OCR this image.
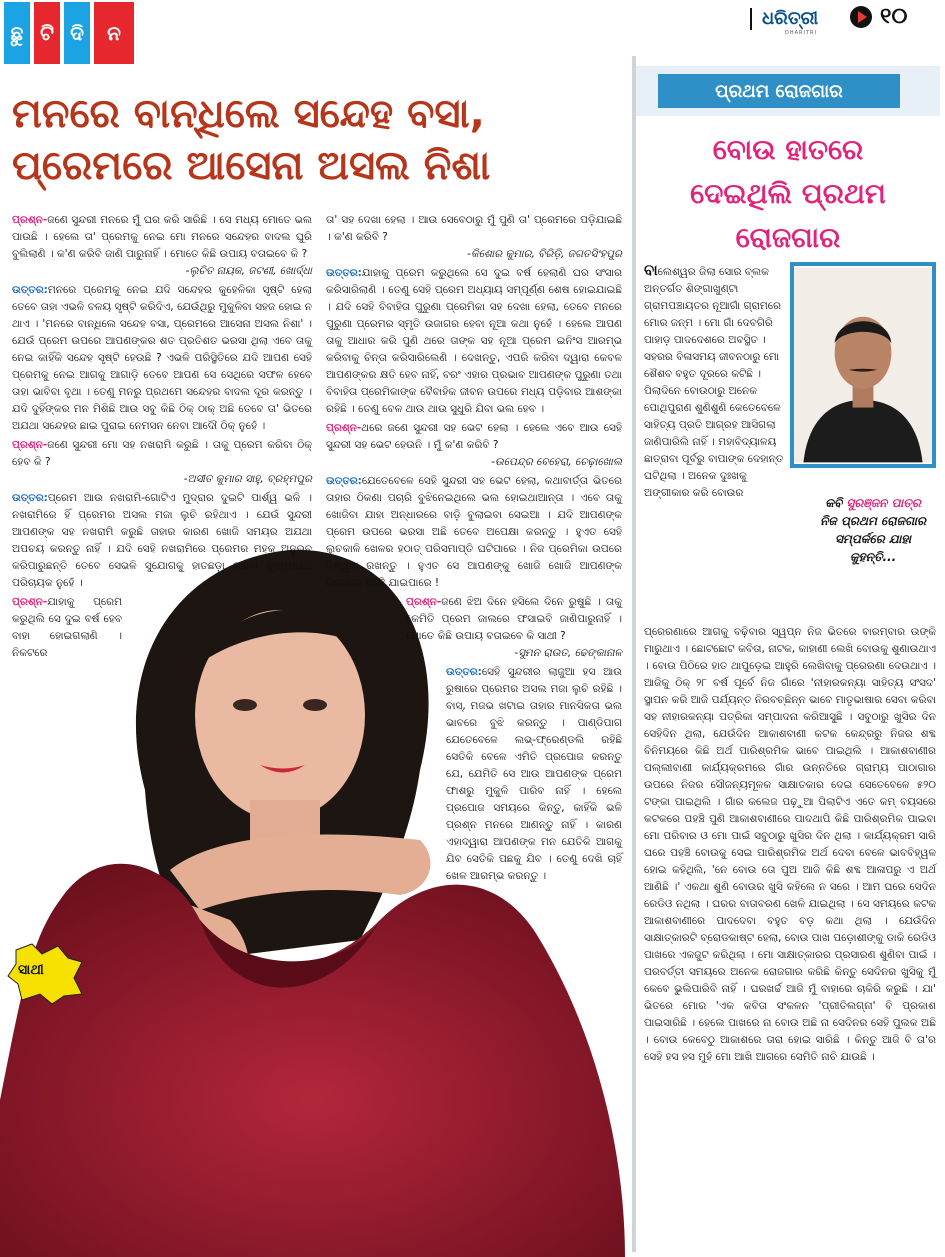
ଛୁ ଟି ଦି	ନ
ଧରିତ୍ରୀ
DHARITRI
୧୦
ମନରେ ବାନ୍ଧିଲେ ସନ୍ଦେହ ବସା,
ପ୍ରେମରେ ଆସେନା ଅସଲ ନିଶା
ସାଥୀ

ପ୍ରଶ୍ନ-ଜଣେ ସୁନ୍ଦରୀ ମନରେ ମୁଁ ଘର କରି ସାରିଛି । ସେ ମଧ୍ୟ ମୋତେ ଭଲ ପାଉଛି । ହେଲେ ତା' ପ୍ରେମକୁ ନେଇ ମୋ ମନରେ ସନ୍ଦେହର ବାଦଲ ଘୁରି ବୁଲିଲାଣି । କ'ଣ କରିବି ଜାଣି ପାରୁନାହିଁ । ମୋତେ କିଛି ଉପାୟ ବତାଇବେ କି ?
-ଲୁଚିତ ନାୟକ, ଜଟଣୀ, ଖୋର୍ଦ୍ଧା

ଉତ୍ତର:ମନରେ ପ୍ରେମକୁ ନେଇ ଯଦି ସନ୍ଦେହର କୁହେଳିକା ସୃଷ୍ଟି ହେଲା ତେବେ ତାହା ଏଭଳି ବଳୟ ସୃଷ୍ଟି କରିଦିଏ, ଯେଉଁଥିରୁ ମୁକୁଳିବା ସହଜ ହୋଇ ନ ଥାଏ । 'ମନରେ ବାନ୍ଧିଲେ ସନ୍ଦେହ ବସା, ପ୍ରେମରେ ଆସେନା ଅସଲ ନିଶା' । ଯେଉଁ ପ୍ରେମ ଉପରେ ଆପଣଙ୍କର ଶତ ପ୍ରତିଶତ ଭରସା ଥିଲା ଏବେ ତାକୁ ନେଇ କାହିଁକି ସନ୍ଦେହ ସୃଷ୍ଟି ହେଉଛି ? ଏଭଳି ପରିସ୍ଥିତିରେ ଯଦି ଆପଣ ସେହି ପ୍ରେମକୁ ନେଇ ଆଗକୁ ଆଗାଡ଼ି ତେବେ ଆପଣ ସେ ସେଥିରେ ସଫଳ ହେବେ ତାହା ଭାବିବା ବୃଥା । ତେଣୁ ମନରୁ ପ୍ରଥମେ ସନ୍ଦେହର ବାଦଲ ଦୂର କରନ୍ତୁ । ଯଦି ଦୁହିଁଙ୍କର ମନ ମିଶିଛି ଆଉ ସବୁ କିଛି ଠିକ୍ ଠାକ୍ ଅଛି ତେବେ ତା' ଭିତରେ ଅଯଥା ସନ୍ଦେହର ଛାଇ ପୁରାଇ ନେମସନ ନେବା ଆଦୌ ଠିକ୍ ନୁହେଁ ।

ପ୍ରଶ୍ନ-ଜଣେ ସୁନ୍ଦରୀ ମୋ ସହ ନଖରାମି କରୁଛି । ତାକୁ ପ୍ରେମ କରିବା ଠିକ୍ ହେବ କି ?
-ଅସୀତ କୁମାର ସାହୁ, ବ୍ରହ୍ମପୁର

ଉତ୍ତର:ପ୍ରେମ ଆଉ ନଖରାମି-ଗୋଟିଏ ମୁଦ୍ରାର ଦୁଇଟି ପାର୍ଶ୍ୱ ଭଳି । ନଖରାମିରେ ହିଁ ପ୍ରେମର ଅସଲ ମଜା ଲୁଚି ରହିଥାଏ । ଯେଉଁ ସୁନ୍ଦରୀ ଆପଣଙ୍କ ସହ ନଖରାମି କରୁଛି ତାହାର କାରଣ ଖୋଜି ସମୟର ଅଯଥା ଅପଚୟ କରନ୍ତୁ ନାହିଁ । ଯଦି ସେହି ନଖରାମିରେ ପ୍ରେମର ମହକ ଅନୁଭବ କରିପାରୁଛନ୍ତି ତେବେ ସେଭଳି ସୁଯୋଗକୁ ହାତଛଡ଼ା କରିବା ବୁଦ୍ଧିମତାର ପରିଚାୟକ ନୁହେଁ ।

ପ୍ରଶ୍ନ-ଯାହାକୁ ପ୍ରେମ କରୁଥିଲି ସେ ଦୁଇ ବର୍ଷ ହେବ ବାହା ହୋଇଗଲାଣି । ନିକଟରେ

ତା' ସହ ଦେଖା ହେଲା । ଆଉ ସେବେଠାରୁ ମୁଁ ପୁଣି ତା' ପ୍ରେମରେ ପଡ଼ିଯାଇଛି । କ'ଣ କରିବି ?
-କିଶୋର କୁମାର, ବିରିଡ଼ି, ଜଗତସିଂହପୁର

ଉତ୍ତର:ଯାହାକୁ ପ୍ରେମ କରୁଥିଲେ ସେ ଦୁଇ ବର୍ଷ ହେଲାଣି ଘର ସଂସାର କରିସାରିଲାଣି । ତେଣୁ ସେହି ପ୍ରେମ ଅଧ୍ୟାୟ ସମ୍ପୂର୍ଣ୍ଣ ଶେଷ ହୋଇଯାଇଛି । ଯଦି ସେହି ବିବାହିତା ପୁରୁଣା ପ୍ରେମିକା ସହ ଦେଖା ହେଲା, ତେବେ ମନରେ ପୁରୁଣା ପ୍ରେମର ସ୍ମୃତି ଉଜାଗର ହେବା ନୂଆ କଥା ନୁହେଁ । ହେଲେ ଆପଣ ତାକୁ ଆଧାର କରି ପୁଣି ଥରେ ତାଙ୍କ ସହ ନୂଆ ପ୍ରେମ ଇନିଂସ ଆରମ୍ଭ କରିବାକୁ ଚିନ୍ତା କରିସାରିଲେଣି । ଦେଖନ୍ତୁ, ଏପରି କରିବା ଦ୍ୱାରା କେବଳ ଆପଣଙ୍କର କ୍ଷତି ହେବ ନାହିଁ, ବରଂ ଏହାର ପ୍ରଭାବ ଆପଣଙ୍କ ପୁରୁଣା ତଥା ବିବାହିତା ପ୍ରେମିକାଙ୍କ ବୈବାହିକ ଜୀବନ ଉପରେ ମଧ୍ୟ ପଡ଼ିବାର ଆଶଙ୍କା ରହିଛି । ତେଣୁ ବେଳ ଥାଉ ଥାଉ ସୁଧୁରି ଯିବା ଭଲ ହେବ ।

ପ୍ରଶ୍ନ-ଥରେ ଜଣେ ସୁନ୍ଦରୀ ସହ ଭେଟ ହେଲା । ହେଲେ ଏବେ ଆଉ ସେହି ସୁନ୍ଦରୀ ସହ ଭେଟ ହେଉନି । ମୁଁ କ'ଣ କରିବି ?
-ଉପେନ୍ଦ୍ର ବେହେରା, ଚେଢ଼ାଖୋଲ

ଉତ୍ତର:ଯେତେବେଳେ ସେହି ସୁନ୍ଦରୀ ସହ ଭେଟ ହେଲା, କଥାବାର୍ତ୍ତା ଭିତରେ ତାହାର ଠିକଣା ପଚାରି ବୁଝିନେଇଥିଲେ ଭଲ ହୋଇଥାଆନ୍ତା । ଏବେ ତାକୁ ଖୋଜିବା ଯାହା ଅନ୍ଧାରରେ ବାଡ଼ି ବୁଲାଇବା ସେଇଆ । ଯଦି ଆପଣଙ୍କ ପ୍ରେମ ଉପରେ ଭରସା ଅଛି ତେବେ ଅପେକ୍ଷା କରନ୍ତୁ । ହୁଏତ ସେହି ଲୁଚକାଳି ଖେଳର ହଠାତ୍ ପରିସମାପ୍ତି ଘଟିପାରେ । ନିଜ ପ୍ରେମିକା ଉପରେ ବିଶ୍ୱାସ ରଖନ୍ତୁ । ହୁଏତ ସେ ଆପଣଙ୍କୁ ଖୋଜି ଖୋଜି ଆପଣଙ୍କ ନିକଟରେ ପହଞ୍ଚି ଯାଇପାରେ !

ପ୍ରଶ୍ନ-ଜଣେ ଝିଅ ଦିନେ ହସିଲେ ଦିନେ ରୁଷୁଛି । ତାକୁ କେମିତି ପ୍ରେମ ଜାଲରେ ଫସାଇବି ଜାଣିପାରୁନାହିଁ । ମୋତେ କିଛି ଉପାୟ ବତାଇବେ କି ସାଥୀ ?
-ସୁମନ ରାଉତ, ଢେଙ୍କାନାଳ

ଉତ୍ତର:ସେହି ସୁନ୍ଦରୀର ଲାଜୁଆ ହସ ଆଉ ରୁଷାରେ ପ୍ରେମର ଅସଲ ମଜା ଲୁଚି ରହିଛି । ବାସ୍, ମଜଭ ଖଟାଇ ତାହାର ମାନସିକତା ଭଲ ଭାବରେ ବୁଝି କରନ୍ତୁ । ପାଣ୍ଡିପାଗ ଯେତେବେଳେ ଲଭ୍-ଫ୍ରେଣ୍ଡଲି ରହିଛି ସେତିକି ବେଳେ ଏମିତି ପ୍ରପୋଜ କରନ୍ତୁ ଯେ, ଯେମିତି ସେ ଆଉ ଆପଣଙ୍କ ପ୍ରେମ ଫାଶରୁ ମୁକୁଳି ପାରିବ ନାହିଁ । ହେଲେ ପ୍ରପୋଜ ସମୟରେ କିନ୍ତୁ, କାହିଁକି ଭଳି ପ୍ରଶ୍ନ ମନରେ ଆଣନ୍ତୁ ନାହିଁ । କାରଣ ଏହାଦ୍ୱାରା ଆପଣଙ୍କ ମନ ଯେତିକି ଆଗକୁ ଯିବ ସେତିକି ପଛକୁ ଯିବ । ତେଣୁ ଦେଖି ଚାହିଁ ଖେଳ ଆରମ୍ଭ କରନ୍ତୁ ।

ପ୍ରଥମ ରୋଜଗାର
ବୋଉ ହାତରେ
ଦେଇଥିଲି ପ୍ରଥମ
ରୋଜଗାର

ବାଲେଶ୍ୱର ଜିଲା ସୋର ବ୍ଲକ ଅନ୍ତର୍ଗତ ଶିଙ୍ଗାଖୁଣ୍ଟା ଗ୍ରାମପଞ୍ଚାୟତର ନୂଆଗାଁ ଗ୍ରାମରେ ମୋର ଜନ୍ମ । ମୋ ଗାଁ ଦେବଗିରି ପାହାଡ଼ ପାଦଦେଶରେ ଅବସ୍ଥିତ । ସହରର ବିଳାସମୟ ଜୀବନଠାରୁ ମୋ ଶୈଶବ ବହୁତ ଦୂରରେ କଟିଛି । ପିଲାଦିନେ ବୋଉଠାରୁ ଅନେକ ପୋଥିପୁରାଣ ଶୁଣିଶୁଣି କେତେବେଳେ ସାହିତ୍ୟ ପ୍ରତି ଆଗ୍ରହ ଆସିଗଲା ଜାଣିପାରିଲି ନାହିଁ । ମହାବିଦ୍ୟାଳୟ ଛାତ୍ରାବା ପୂର୍ବରୁ ବାପାଙ୍କ ଦେହାନ୍ତ ଘଟିଥିଲା । ଅନେକ ଦୁଃଖକୁ ଅଙ୍ଗୀକାର କରି ବୋଉର

କବି ସୁରଞ୍ଜନ ପାତ୍ର
ନିଜ ପ୍ରଥମ ରୋଜଗାର
ସମ୍ପର୍କରେ ଯାହା
କୁହନ୍ତି...

ପ୍ରେରଣାରେ ଆଗକୁ ବଢ଼ିବାର ସ୍ୱପ୍ନ ନିଜ ଭିତରେ ବାରମ୍ବାର ଉଙ୍କି ମାରୁଥାଏ । ଛୋଟଛୋଟ କବିତା, ନାଟକ, କାହାଣୀ ଲେଖି ବୋଉକୁ ଶୁଣାଉଥାଏ । ବୋଉ ପିଠିରେ ହାତ ଥାପୁଡ଼େଇ ଆହୁରି ଲେଖିବାକୁ ପ୍ରେରଣା ଦେଉଥାଏ । ଆଜିକୁ ଠିକ୍ ୨୮ ବର୍ଷ ପୂର୍ବେ ନିଜ ଗାଁରେ 'ନୀହାରକନ୍ୟା ସାହିତ୍ୟ ସଂସଦ' ସ୍ଥାପନ କରି ଆଜି ପର୍ଯ୍ୟନ୍ତ ନିରବଚ୍ଛିନ୍ନ ଭାବେ ମାତୃଭାଷାର ସେବା କରିବା ସହ ନୀହାରକନ୍ୟା ପତ୍ରିକା ସମ୍ପାଦନା କରିଆସୁଛି । ସବୁଠାରୁ ଖୁସିର ଦିନ ସେହିଦିନ ଥିଲା, ଯେଉଁଦିନ ଆକାଶବାଣୀ କଟକ କେନ୍ଦ୍ରରୁ ନିଜର ଶବ୍ଦ ବିନିମୟରେ କିଛି ଅର୍ଥ ପାରିଶ୍ରମିକ ଭାବେ ପାଇଥିଲି । ଆକାଶବାଣୀର ପଲ୍ଲୀବାଣୀ କାର୍ଯ୍ୟକ୍ରମରେ ଗାଁର ଉନ୍ନତିରେ ଗ୍ରାମ୍ୟ ପାଠାଗାର ଉପରେ ନିଜର ସୌଜନ୍ୟମୂଳକ ସାକ୍ଷାତକାର ଦେଇ ସେତେବେଳେ ୫୨୦ ଟଙ୍କା ପାଇଥିଲି । ଗାଁର କଲେଜ ପଢ଼ୁଆ ପିଲାଟିଏ ଏତେ କମ୍ ବୟସରେ କଟକରେ ପହଞ୍ଚି ପୁଣି ଆକାଶବାଣୀରେ ପାଦଥାପି କିଛି ପାରିଶ୍ରମିକ ପାଇବା ମୋ ପରିବାର ଓ ମୋ ପାଇଁ ସବୁଠାରୁ ଖୁସିର ଦିନ ଥିଲା । କାର୍ଯ୍ୟକ୍ରମ ସାରି ଘରେ ପହଞ୍ଚି ବୋଉକୁ ସେଇ ପାରିଶ୍ରମିକ ଅର୍ଥ ଦେବା ବେଳେ ଭାବବିହ୍ୱଳ ହୋଇ କହିଥିଲି, 'ନେ ବୋଉ ତୋ ପୁଅ ଆଜି କିଛି ଶବ୍ଦ ଆଳାପରୁ ଏ ଅର୍ଥ ଆଣିଛି ।' ଏକଥା ଶୁଣି ବୋଉର ଖୁସି କହିଲେ ନ ସରେ । ଆମ ଘରେ ସେଦିନ ରେଡିଓ ନଥିଲା । ଘରର ବାତାବରଣ ଖେଳି ଯାଇଥିଲା । ସେ ସମୟରେ କଟକ ଆକାଶବାଣୀରେ ପାଦଦେବା ବହୁତ ବଡ଼ କଥା ଥିଲା । ଯେଉଁଦିନ ସାକ୍ଷାତ୍କାରଟି ବ୍ରୋଡକାଷ୍ଟ ହେଲା, ବୋଉ ପାଖ ପଡ଼ୋଶୀଙ୍କୁ ଡାକି ରେଡିଓ ପାଖରେ ଏକଜୁଟ କରିଥିଲା । ମୋ ସାକ୍ଷାତ୍କାରର ପ୍ରସାରଣ ଶୁଣିବା ପାଇଁ । ପରବର୍ତ୍ତୀ ସମୟରେ ଅନେକ ରୋଜଗାର କରିଛି କିନ୍ତୁ ସେଦିନର ଖୁସିକୁ ମୁଁ କେବେ ଭୁଲିପାରିବି ନାହିଁ । ଘରଖର୍ଚ୍ଚ ଆଜି ମୁଁ ବାହାରେ ଚାକିରି କରୁଛି । ଯା' ଭିତରେ ମୋର 'ଏକ କବିତା ସଂକଳନ 'ପ୍ରୀତିଲଗ୍ନା' ବି ପ୍ରକାଶ ପାଇସାରିଛି । ହେଲେ ପାଖରେ ନା ବୋଉ ଅଛି ନା ସେଦିନର ସେହି ପୁଲକ ଅଛି । ବୋଉ କେବେଠୁ ଆକାଶରେ ତାରା ହୋଇ ସାରିଛି । କିନ୍ତୁ ଆଜି ବି ତା'ର ସେହି ହସ ହସ ମୁହଁ ମୋ ଆଖି ଆଗରେ ସେମିତି ନାଚି ଯାଉଛି ।
